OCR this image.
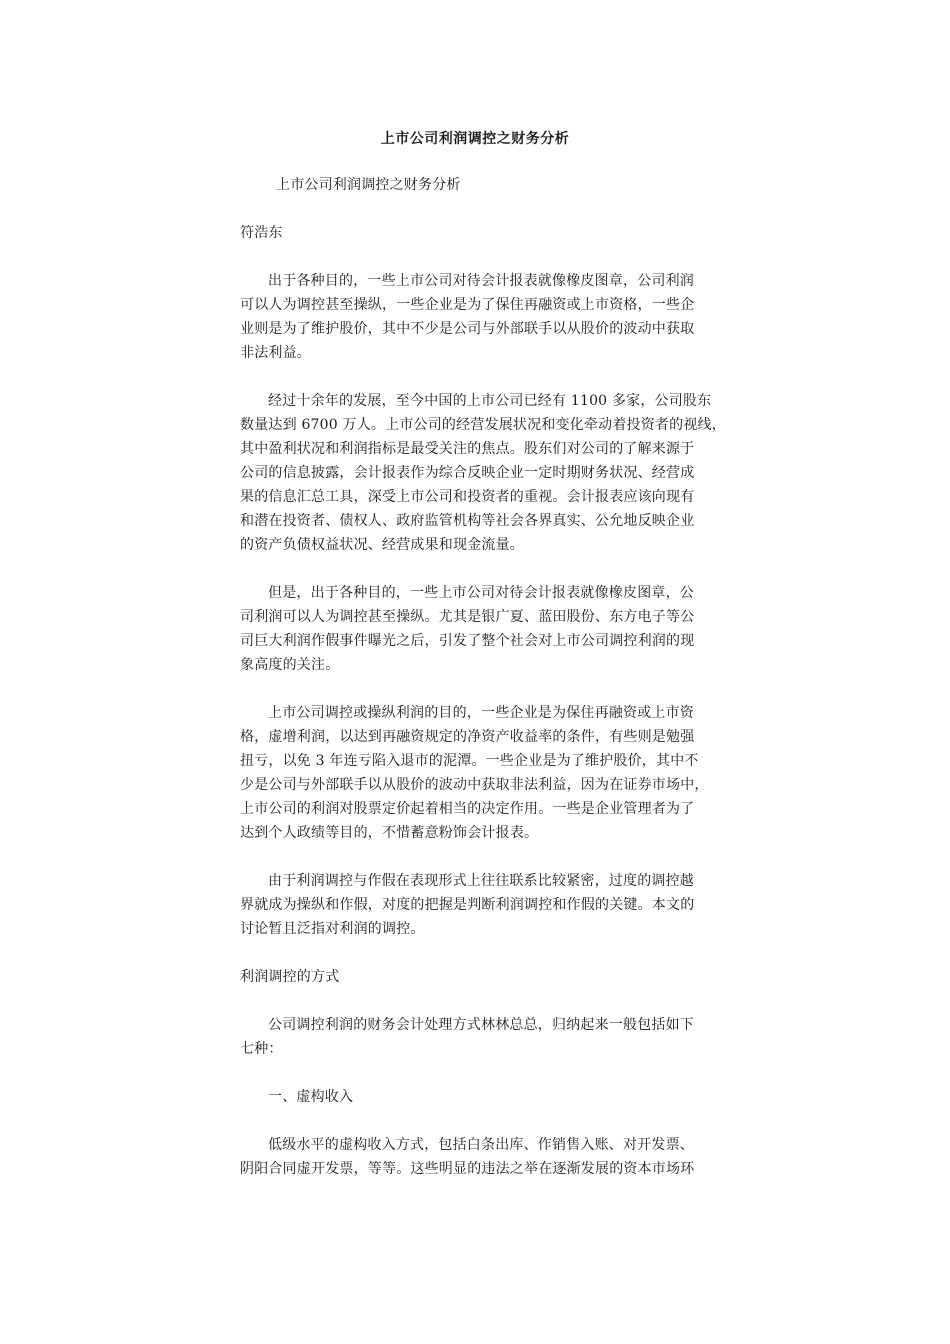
上市公司利润调控之财务分析
上市公司利润调控之财务分析
符浩东
出于各种目的，一些上市公司对待会计报表就像橡皮图章，公司利润
可以人为调控甚至操纵，一些企业是为了保住再融资或上市资格，一些企
业则是为了维护股价，其中不少是公司与外部联手以从股价的波动中获取
非法利益。
经过十余年的发展，至今中国的上市公司已经有 1100 多家，公司股东
数量达到 6700 万人。上市公司的经营发展状况和变化牵动着投资者的视线，
其中盈利状况和利润指标是最受关注的焦点。股东们对公司的了解来源于
公司的信息披露，会计报表作为综合反映企业一定时期财务状况、经营成
果的信息汇总工具，深受上市公司和投资者的重视。会计报表应该向现有
和潜在投资者、债权人、政府监管机构等社会各界真实、公允地反映企业
的资产负债权益状况、经营成果和现金流量。
但是，出于各种目的，一些上市公司对待会计报表就像橡皮图章，公
司利润可以人为调控甚至操纵。尤其是银广夏、蓝田股份、东方电子等公
司巨大利润作假事件曝光之后，引发了整个社会对上市公司调控利润的现
象高度的关注。
上市公司调控或操纵利润的目的，一些企业是为保住再融资或上市资
格，虚增利润，以达到再融资规定的净资产收益率的条件，有些则是勉强
扭亏，以免 3 年连亏陷入退市的泥潭。一些企业是为了维护股价，其中不
少是公司与外部联手以从股价的波动中获取非法利益，因为在证券市场中，
上市公司的利润对股票定价起着相当的决定作用。一些是企业管理者为了
达到个人政绩等目的，不惜蓄意粉饰会计报表。
由于利润调控与作假在表现形式上往往联系比较紧密，过度的调控越
界就成为操纵和作假，对度的把握是判断利润调控和作假的关键。本文的
讨论暂且泛指对利润的调控。
利润调控的方式
公司调控利润的财务会计处理方式林林总总，归纳起来一般包括如下
七种：
一、虚构收入
低级水平的虚构收入方式，包括白条出库、作销售入账、对开发票、
阴阳合同虚开发票，等等。这些明显的违法之举在逐渐发展的资本市场环
